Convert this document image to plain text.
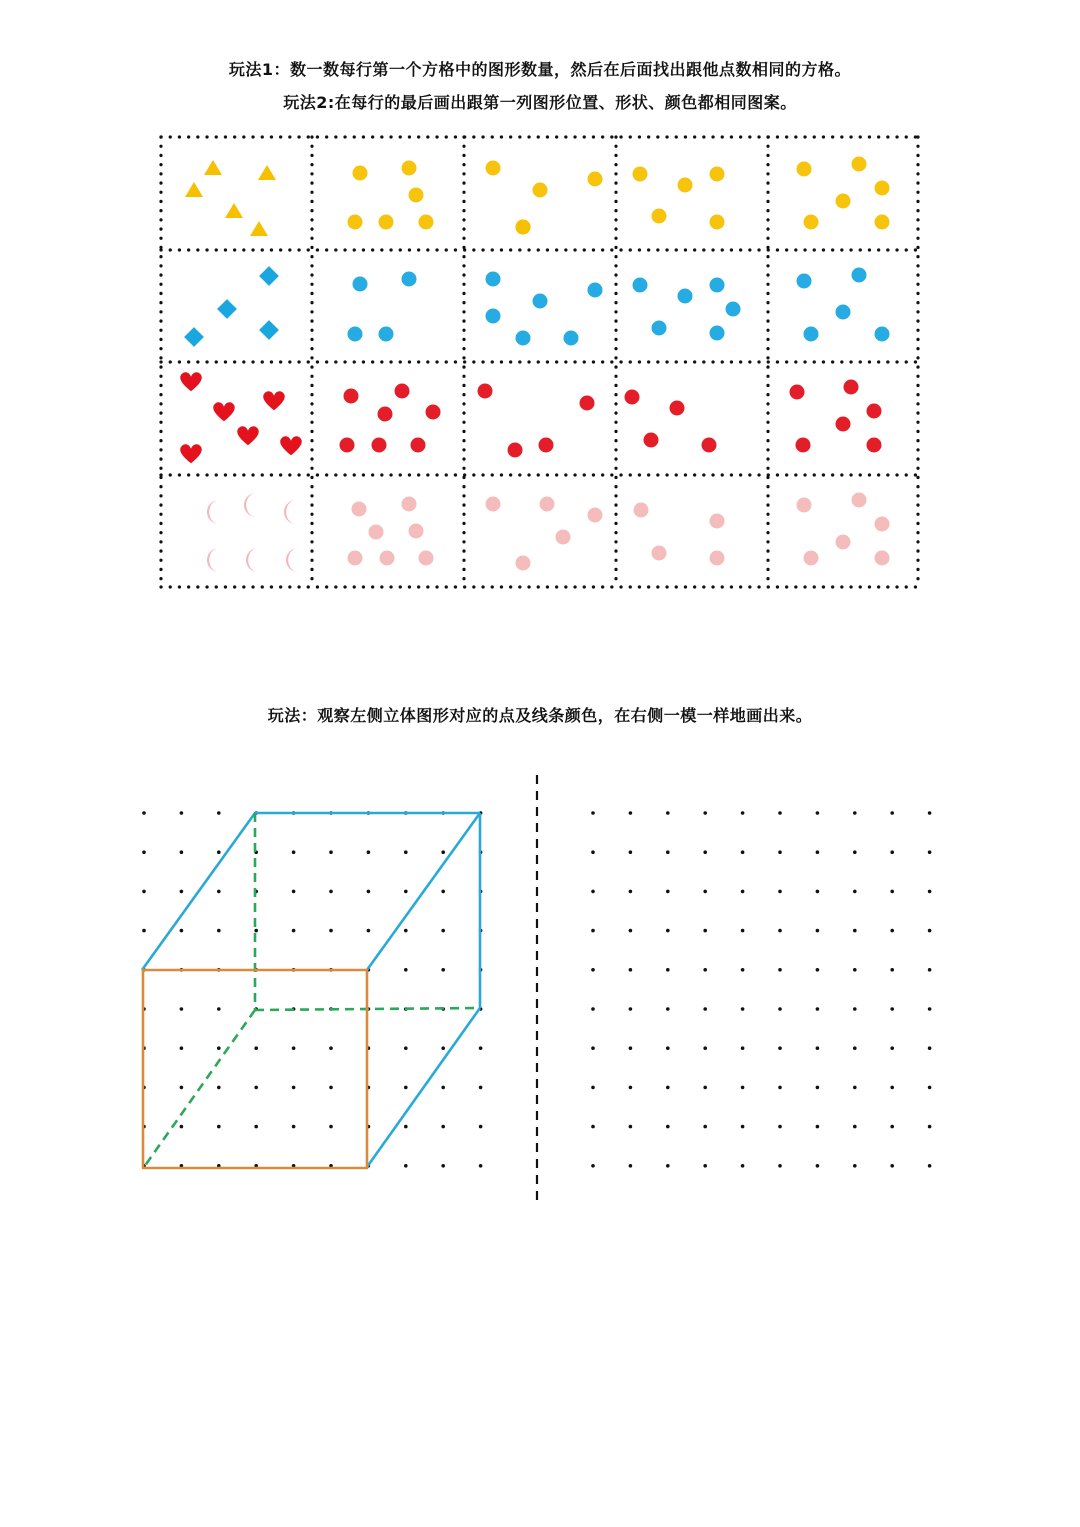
玩法1：数一数每行第一个方格中的图形数量，然后在后面找出跟他点数相同的方格。
玩法2:在每行的最后画出跟第一列图形位置、形状、颜色都相同图案。
玩法：观察左侧立体图形对应的点及线条颜色，在右侧一模一样地画出来。
